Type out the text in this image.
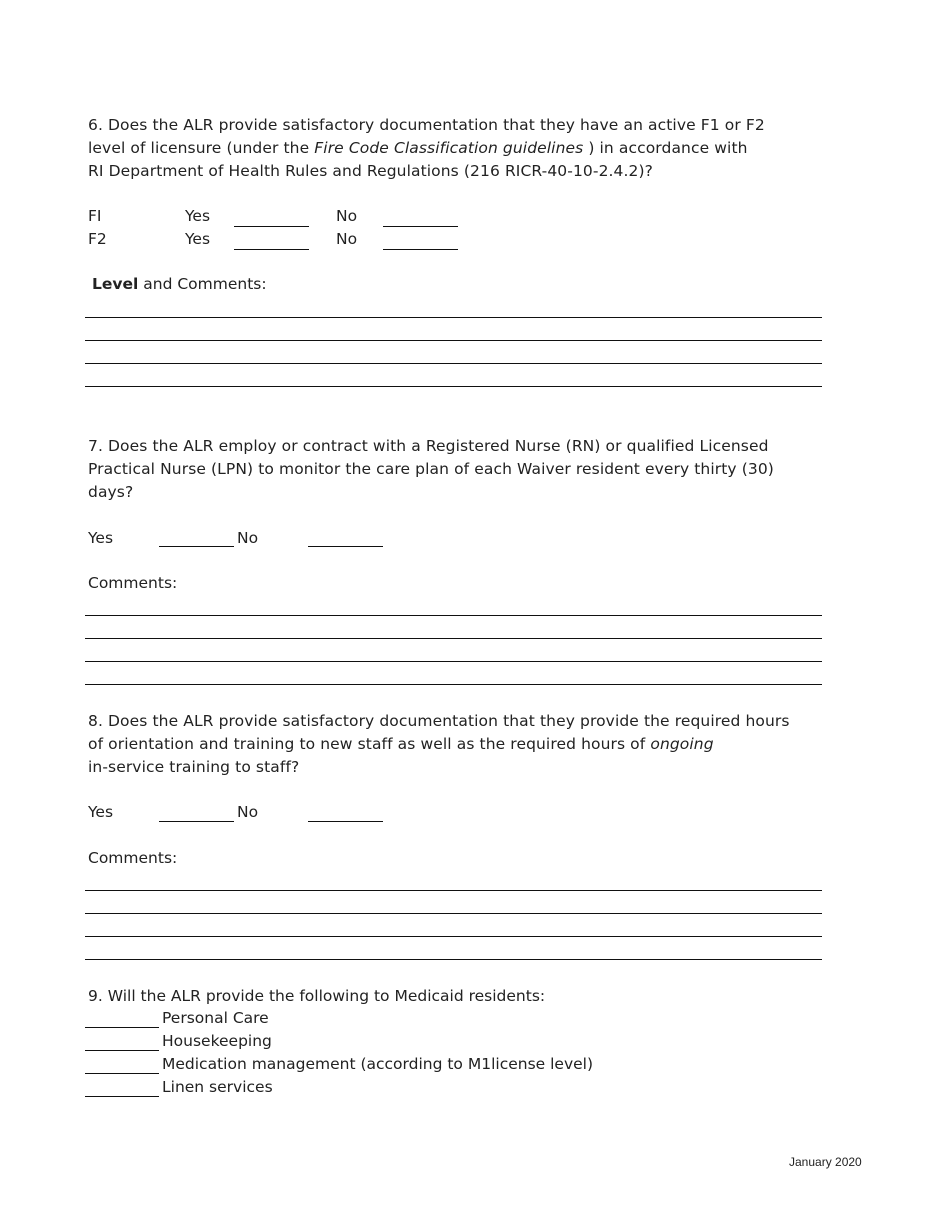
6. Does the ALR provide satisfactory documentation that they have an active F1 or F2
level of licensure (under the Fire Code Classification guidelines ) in accordance with
RI Department of Health Rules and Regulations (216 RICR-40-10-2.4.2)?
FI	Yes	No
F2	Yes	No
Level and Comments:
7. Does the ALR employ or contract with a Registered Nurse (RN) or qualified Licensed
Practical Nurse (LPN) to monitor the care plan of each Waiver resident every thirty (30)
days?
Yes	No
Comments:
8. Does the ALR provide satisfactory documentation that they provide the required hours
of orientation and training to new staff as well as the required hours of ongoing
in-service training to staff?
Yes	No
Comments:
9. Will the ALR provide the following to Medicaid residents:
Personal Care
Housekeeping
Medication management (according to M1license level)
Linen services
January 2020
